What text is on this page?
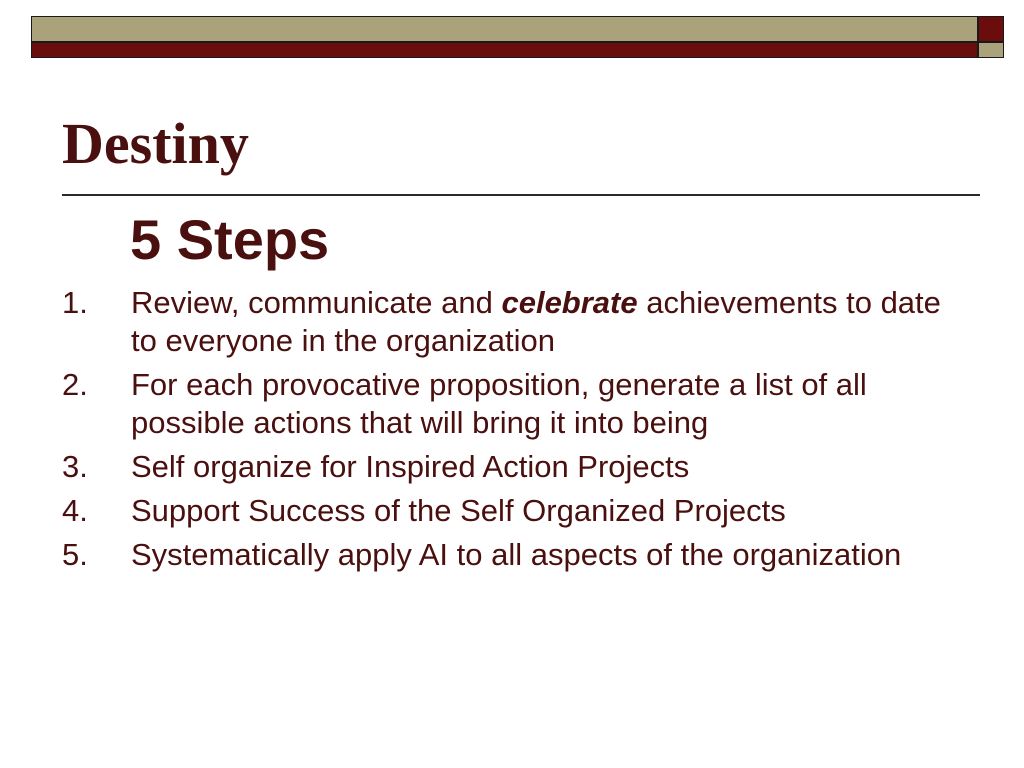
Destiny
5 Steps
1.	Review, communicate and celebrate achievements to date to everyone in the organization
2.	For each provocative proposition, generate a list of all possible actions that will bring it into being
3.	Self organize for Inspired Action Projects
4.	Support Success of the Self Organized Projects
5.	Systematically apply AI to all aspects of the organization
